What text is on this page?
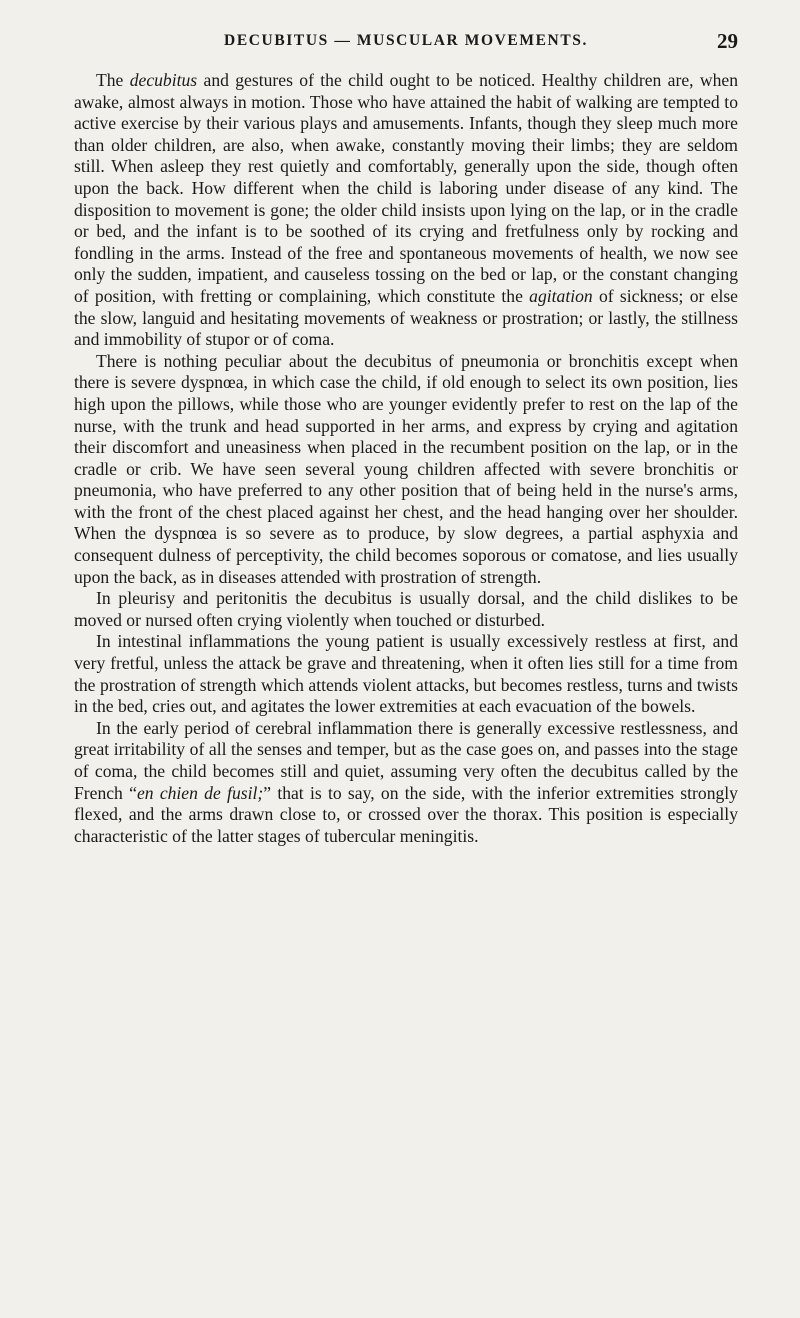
DECUBITUS — MUSCULAR MOVEMENTS.	29

The decubitus and gestures of the child ought to be noticed. Healthy children are, when awake, almost always in motion. Those who have attained the habit of walking are tempted to active exercise by their various plays and amusements. Infants, though they sleep much more than older children, are also, when awake, constantly moving their limbs; they are seldom still. When asleep they rest quietly and comfortably, generally upon the side, though often upon the back. How different when the child is laboring under disease of any kind. The disposition to movement is gone; the older child insists upon lying on the lap, or in the cradle or bed, and the infant is to be soothed of its crying and fretfulness only by rocking and fondling in the arms. Instead of the free and spontaneous movements of health, we now see only the sudden, impatient, and causeless tossing on the bed or lap, or the constant changing of position, with fretting or complaining, which constitute the agitation of sickness; or else the slow, languid and hesitating movements of weakness or prostration; or lastly, the stillness and immobility of stupor or of coma.

There is nothing peculiar about the decubitus of pneumonia or bronchitis except when there is severe dyspnœa, in which case the child, if old enough to select its own position, lies high upon the pillows, while those who are younger evidently prefer to rest on the lap of the nurse, with the trunk and head supported in her arms, and express by crying and agitation their discomfort and uneasiness when placed in the recumbent position on the lap, or in the cradle or crib. We have seen several young children affected with severe bronchitis or pneumonia, who have preferred to any other position that of being held in the nurse's arms, with the front of the chest placed against her chest, and the head hanging over her shoulder. When the dyspnœa is so severe as to produce, by slow degrees, a partial asphyxia and consequent dulness of perceptivity, the child becomes soporous or comatose, and lies usually upon the back, as in diseases attended with prostration of strength.

In pleurisy and peritonitis the decubitus is usually dorsal, and the child dislikes to be moved or nursed often crying violently when touched or disturbed.

In intestinal inflammations the young patient is usually excessively restless at first, and very fretful, unless the attack be grave and threatening, when it often lies still for a time from the prostration of strength which attends violent attacks, but becomes restless, turns and twists in the bed, cries out, and agitates the lower extremities at each evacuation of the bowels.

In the early period of cerebral inflammation there is generally excessive restlessness, and great irritability of all the senses and temper, but as the case goes on, and passes into the stage of coma, the child becomes still and quiet, assuming very often the decubitus called by the French “en chien de fusil;” that is to say, on the side, with the inferior extremities strongly flexed, and the arms drawn close to, or crossed over the thorax. This position is especially characteristic of the latter stages of tubercular meningitis.
